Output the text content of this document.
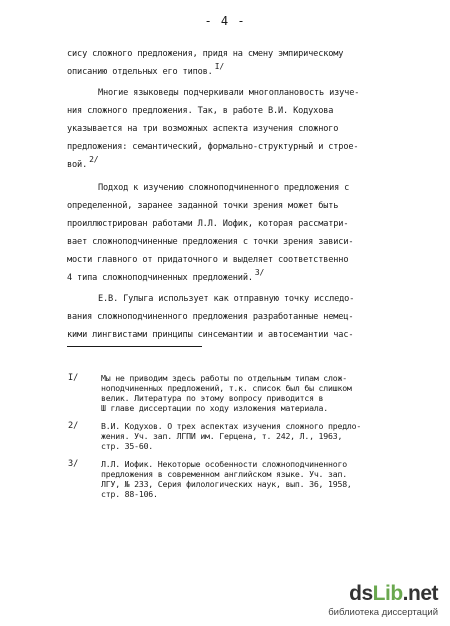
- 4 -
сису сложного предложения, придя на смену эмпирическому
описанию отдельных его типов.I/
Многие языковеды подчеркивали многоплановость изуче-
ния сложного предложения. Так, в работе В.И. Кодухова
указывается на три возможных аспекта изучения сложного
предложения: семантический, формально-структурный и строе-
вой.2/
Подход к изучению сложноподчиненного предложения с
определенной, заранее заданной точки зрения может быть
проиллюстрирован работами Л.Л. Иофик, которая рассматри-
вает сложноподчиненные предложения с точки зрения зависи-
мости главного от придаточного и выделяет соответственно
4 типа сложноподчиненных предложений.3/
Е.В. Гулыга использует как отправную точку исследо-
вания сложноподчиненного предложения разработанные немец-
кими лингвистами принципы синсемантии и автосемантии час-
I/	Мы не приводим здесь работы по отдельным типам слож-
ноподчиненных предложений, т.к. список был бы слишком
велик. Литература по этому вопросу приводится в
Ш главе диссертации по ходу изложения материала.
2/	В.И. Кодухов. О трех аспектах изучения сложного предло-
жения. Уч. зап. ЛГПИ им. Герцена, т. 242, Л., 1963,
стр. 35-60.
3/	Л.Л. Иофик. Некоторые особенности сложноподчиненного
предложения в современном английском языке. Уч. зап.
ЛГУ, № 233, Серия филологических наук, вып. 36, 1958,
стр. 88-106.
dsLib.net
библиотека диссертаций
